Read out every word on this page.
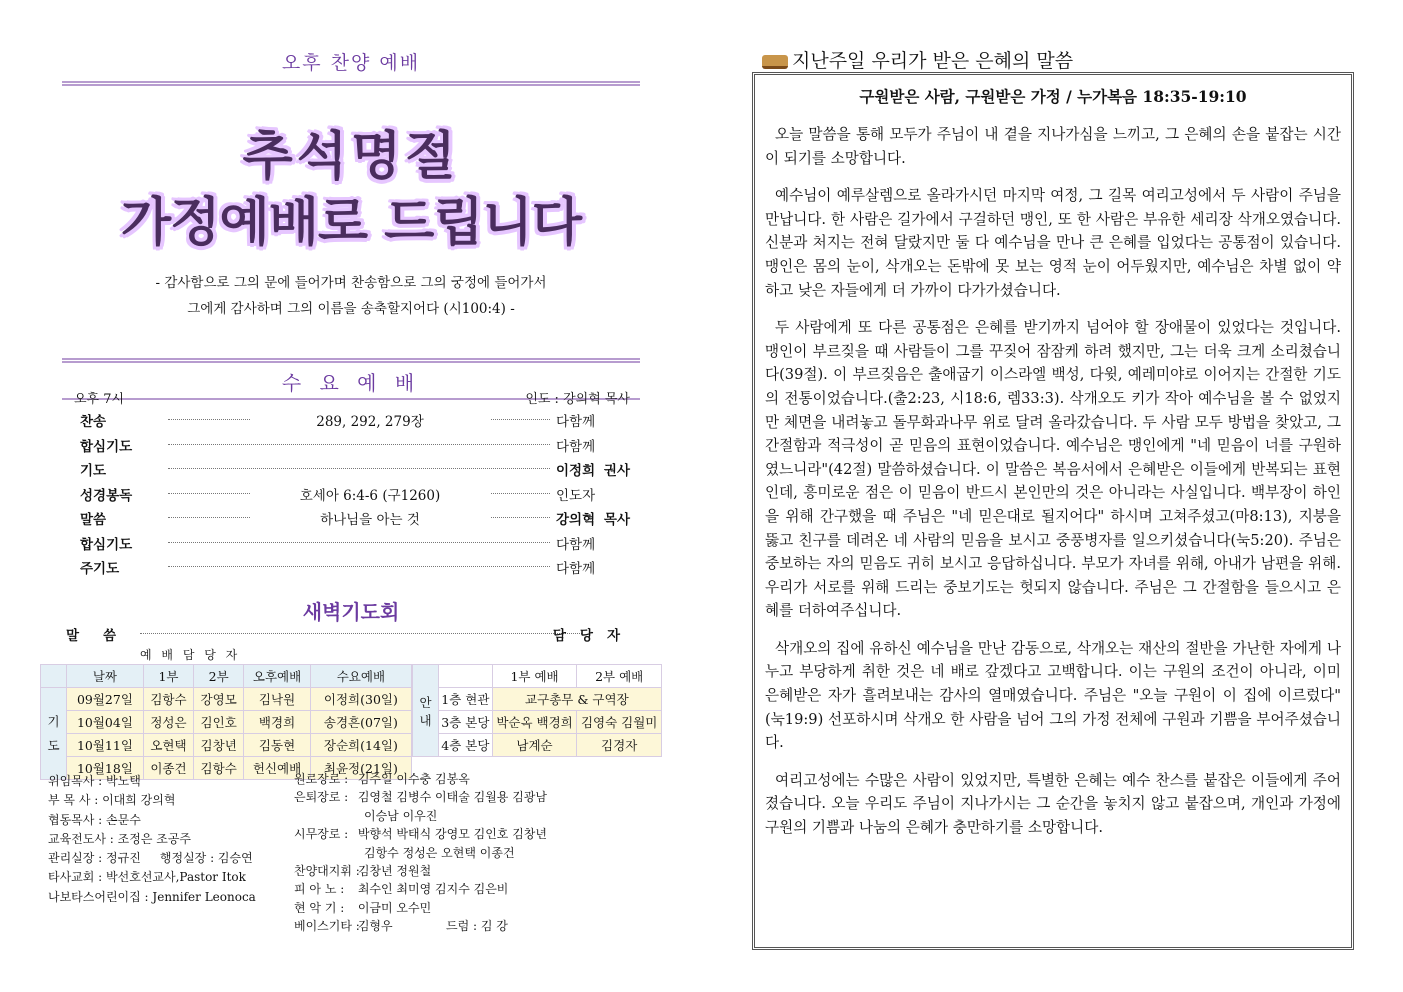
오후 찬양 예배
추석명절
가정예배로 드립니다
- 감사함으로 그의 문에 들어가며 찬송함으로 그의 궁정에 들어가서
그에게 감사하며 그의 이름을 송축할지어다 (시100:4) -
수 요 예 배
오후 7시	인도 : 강의혁 목사
찬송	289, 292, 279장	다함께
합심기도	다함께
기도	이정희 권사
성경봉독	호세아 6:4-6 (구1260)	인도자
말씀	하나님을 아는 것	강의혁 목사
합심기도	다함께
주기도	다함께
새벽기도회
말씀	담당자
예 배 담 당 자
	날짜	1부	2부	오후예배	수요예배

기
도	09월27일	김항수	강영모	김낙원	이정희(30일)
	10월04일	정성은	김인호	백경희	송경흔(07일)
	10월11일	오현택	김창년	김동현	장순희(14일)
	10월18일	이종건	김항수	헌신예배	최윤정(21일)
안
내		1부 예배	2부 예배
	1층 현관	교구총무 & 구역장	
	3층 본당	박순옥 백경희	김영숙 김월미
	4층 본당	남계순	김경자
위임목사 : 박노택
부 목 사 : 이대희 강의혁
협동목사 : 손문수
교육전도사 : 조정은 조공주
관리실장 : 정규진     행정실장 : 김승연
타사교회 : 박선호선교사,Pastor Itok
나보타스어린이집 : Jennifer Leonoca
원로장로 : 김주일 이수충 김봉옥
은퇴장로 : 김영철 김병수 이태술 김월용 김광남
이승남 이우진
시무장로 : 박향석 박태식 강영모 김인호 김창년
김항수 정성은 오현택 이종건
찬양대지휘 : 김창년 정원철
피 아 노 : 최수인 최미영 김지수 김은비
현 악 기 : 이금미 오수민
베이스기타 : 김형우              드럼 : 김 강
지난주일 우리가 받은 은혜의 말씀
구원받은 사람, 구원받은 가정 / 누가복음 18:35-19:10

오늘 말씀을 통해 모두가 주님이 내 곁을 지나가심을 느끼고, 그 은혜의 손을 붙잡는 시간이 되기를 소망합니다.

예수님이 예루살렘으로 올라가시던 마지막 여정, 그 길목 여리고성에서 두 사람이 주님을 만납니다. 한 사람은 길가에서 구걸하던 맹인, 또 한 사람은 부유한 세리장 삭개오였습니다. 신분과 처지는 전혀 달랐지만 둘 다 예수님을 만나 큰 은혜를 입었다는 공통점이 있습니다. 맹인은 몸의 눈이, 삭개오는 돈밖에 못 보는 영적 눈이 어두웠지만, 예수님은 차별 없이 약하고 낮은 자들에게 더 가까이 다가가셨습니다.

두 사람에게 또 다른 공통점은 은혜를 받기까지 넘어야 할 장애물이 있었다는 것입니다. 맹인이 부르짖을 때 사람들이 그를 꾸짖어 잠잠케 하려 했지만, 그는 더욱 크게 소리쳤습니다(39절). 이 부르짖음은 출애굽기 이스라엘 백성, 다윗, 예레미야로 이어지는 간절한 기도의 전통이었습니다.(출2:23, 시18:6, 렘33:3). 삭개오도 키가 작아 예수님을 볼 수 없었지만 체면을 내려놓고 돌무화과나무 위로 달려 올라갔습니다. 두 사람 모두 방법을 찾았고, 그 간절함과 적극성이 곧 믿음의 표현이었습니다. 예수님은 맹인에게 "네 믿음이 너를 구원하였느니라"(42절) 말씀하셨습니다. 이 말씀은 복음서에서 은혜받은 이들에게 반복되는 표현인데, 흥미로운 점은 이 믿음이 반드시 본인만의 것은 아니라는 사실입니다. 백부장이 하인을 위해 간구했을 때 주님은 "네 믿은대로 될지어다" 하시며 고쳐주셨고(마8:13), 지붕을 뚫고 친구를 데려온 네 사람의 믿음을 보시고 중풍병자를 일으키셨습니다(눅5:20). 주님은 중보하는 자의 믿음도 귀히 보시고 응답하십니다. 부모가 자녀를 위해, 아내가 남편을 위해. 우리가 서로를 위해 드리는 중보기도는 헛되지 않습니다. 주님은 그 간절함을 들으시고 은혜를 더하여주십니다.

삭개오의 집에 유하신 예수님을 만난 감동으로, 삭개오는 재산의 절반을 가난한 자에게 나누고 부당하게 취한 것은 네 배로 갚겠다고 고백합니다. 이는 구원의 조건이 아니라, 이미 은혜받은 자가 흘려보내는 감사의 열매였습니다. 주님은 "오늘 구원이 이 집에 이르렀다"(눅19:9) 선포하시며 삭개오 한 사람을 넘어 그의 가정 전체에 구원과 기쁨을 부어주셨습니다.

여리고성에는 수많은 사람이 있었지만, 특별한 은혜는 예수 찬스를 붙잡은 이들에게 주어졌습니다. 오늘 우리도 주님이 지나가시는 그 순간을 놓치지 않고 붙잡으며, 개인과 가정에 구원의 기쁨과 나눔의 은혜가 충만하기를 소망합니다.
